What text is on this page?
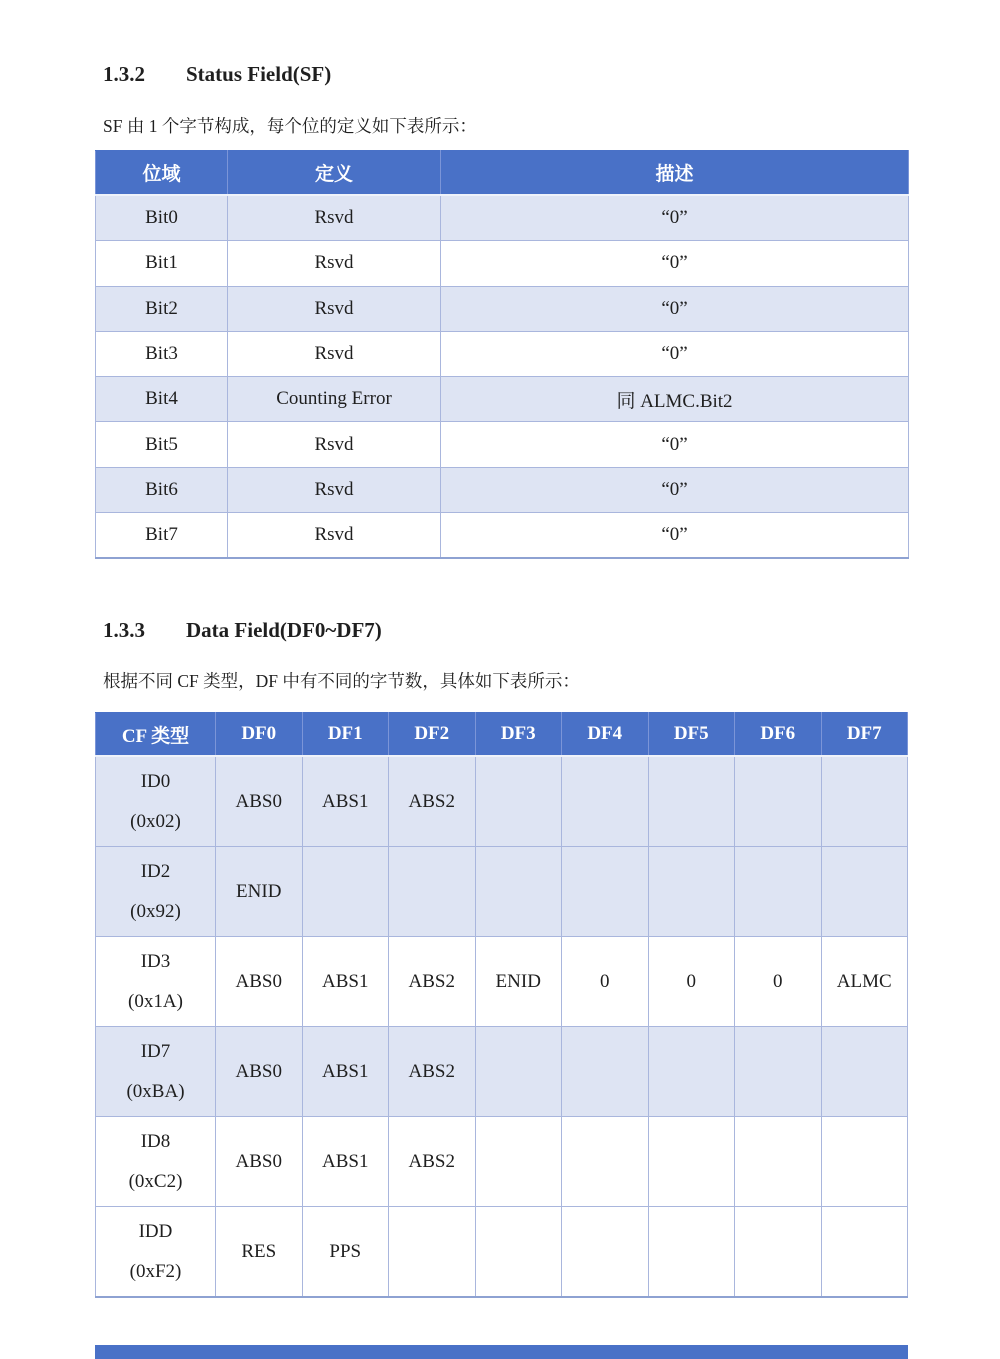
1.3.2 Status Field(SF)
SF 由 1 个字节构成，每个位的定义如下表所示：
位域	定义	描述
Bit0	Rsvd	“0”
Bit1	Rsvd	“0”
Bit2	Rsvd	“0”
Bit3	Rsvd	“0”
Bit4	Counting Error	同 ALMC.Bit2
Bit5	Rsvd	“0”
Bit6	Rsvd	“0”
Bit7	Rsvd	“0”
1.3.3 Data Field(DF0~DF7)
根据不同 CF 类型，DF 中有不同的字节数，具体如下表所示：
CF 类型	DF0	DF1	DF2	DF3	DF4	DF5	DF6	DF7

ID0
(0x02)	ABS0	ABS1	ABS2					

ID2
(0x92)	ENID							

ID3
(0x1A)	ABS0	ABS1	ABS2	ENID	0	0	0	ALMC

ID7
(0xBA)	ABS0	ABS1	ABS2					

ID8
(0xC2)	ABS0	ABS1	ABS2					

IDD
(0xF2)	RES	PPS						
